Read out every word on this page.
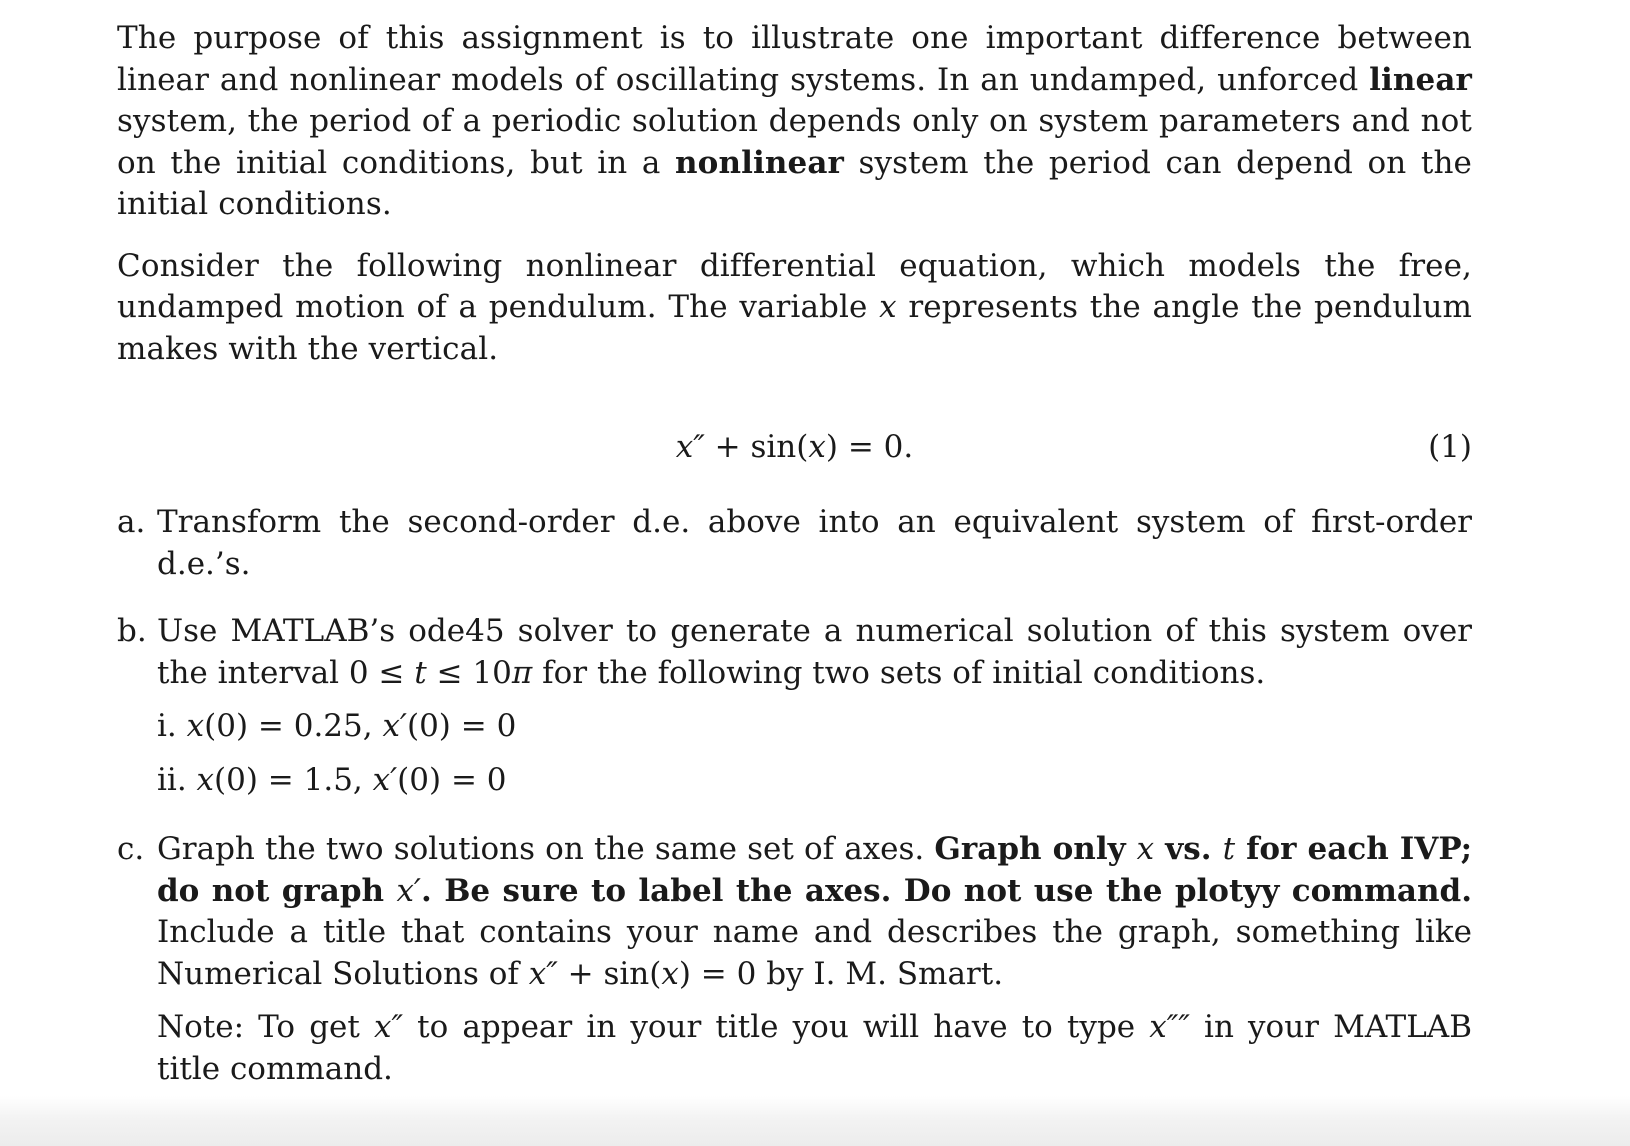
The purpose of this assignment is to illustrate one important difference between linear and nonlinear models of oscillating systems. In an undamped, unforced linear system, the period of a periodic solution depends only on system parameters and not on the initial conditions, but in a nonlinear system the period can depend on the initial conditions.

Consider the following nonlinear differential equation, which models the free, undamped motion of a pendulum. The variable x represents the angle the pendulum makes with the vertical.

x″ + sin(x) = 0.	(1)
a. Transform the second-order d.e. above into an equivalent system of first-order d.e.’s.
b. Use MATLAB’s ode45 solver to generate a numerical solution of this system over the interval 0 ≤ t ≤ 10π for the following two sets of initial conditions.
i. x(0) = 0.25, x′(0) = 0
ii. x(0) = 1.5, x′(0) = 0
c. Graph the two solutions on the same set of axes. Graph only x vs. t for each IVP; do not graph x′. Be sure to label the axes. Do not use the plotyy command. Include a title that contains your name and describes the graph, something like Numerical Solutions of x″ + sin(x) = 0 by I. M. Smart.
Note: To get x″ to appear in your title you will have to type x″″ in your MATLAB title command.
